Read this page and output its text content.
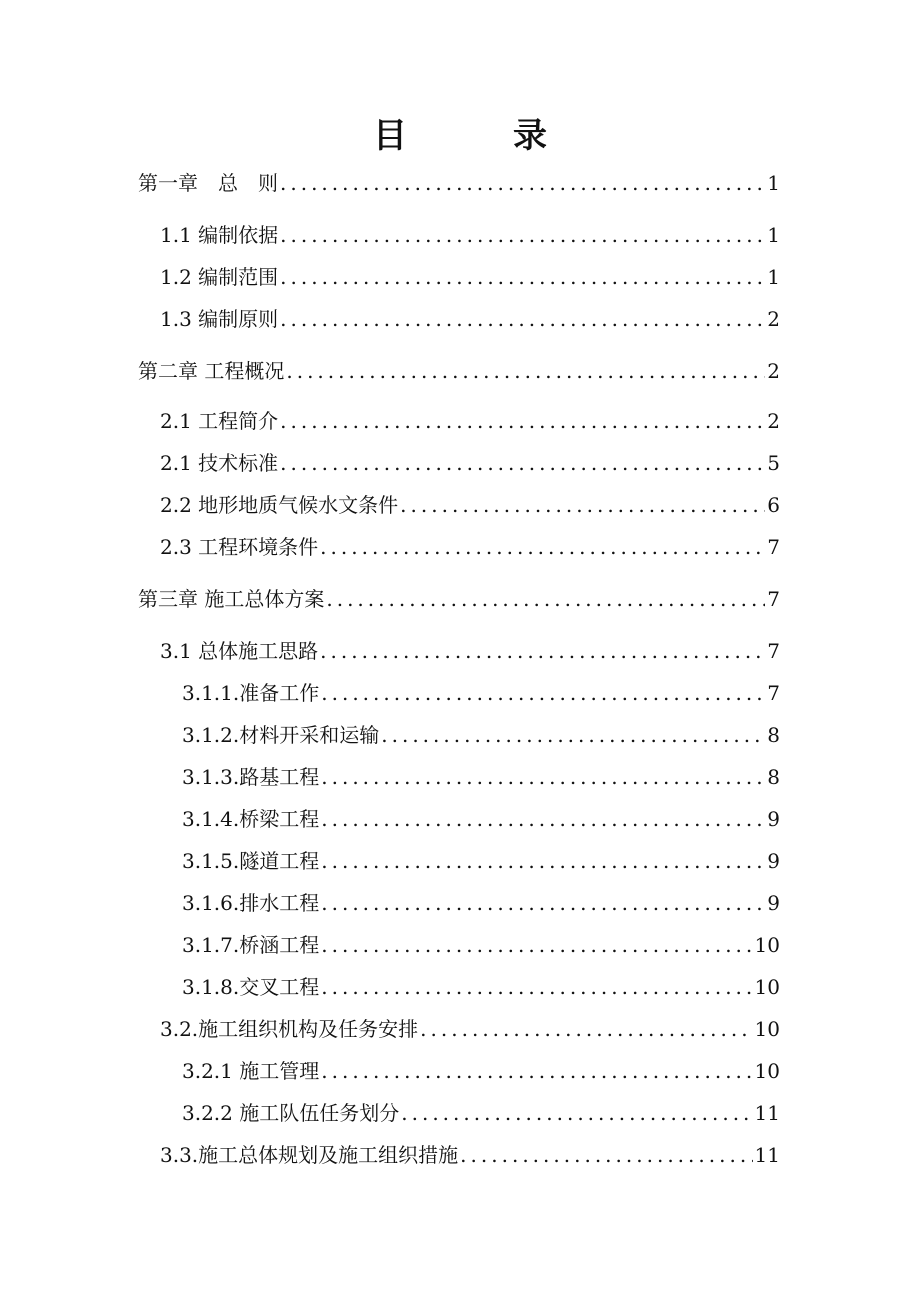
目　录
第一章　总　则 .....	1
1.1 编制依据 .....	1
1.2 编制范围 .....	1
1.3 编制原则 .....	2
第二章 工程概况 .....	2
2.1 工程简介 .....	2
2.1 技术标准 .....	5
2.2 地形地质气候水文条件 .....	6
2.3 工程环境条件 .....	7
第三章 施工总体方案 .....	7
3.1 总体施工思路 .....	7
3.1.1.准备工作 .....	7
3.1.2.材料开采和运输 .....	8
3.1.3.路基工程 .....	8
3.1.4.桥梁工程 .....	9
3.1.5.隧道工程 .....	9
3.1.6.排水工程 .....	9
3.1.7.桥涵工程 .....	10
3.1.8.交叉工程 .....	10
3.2.施工组织机构及任务安排 .....	10
3.2.1 施工管理 .....	10
3.2.2 施工队伍任务划分 .....	11
3.3.施工总体规划及施工组织措施 .....	11
